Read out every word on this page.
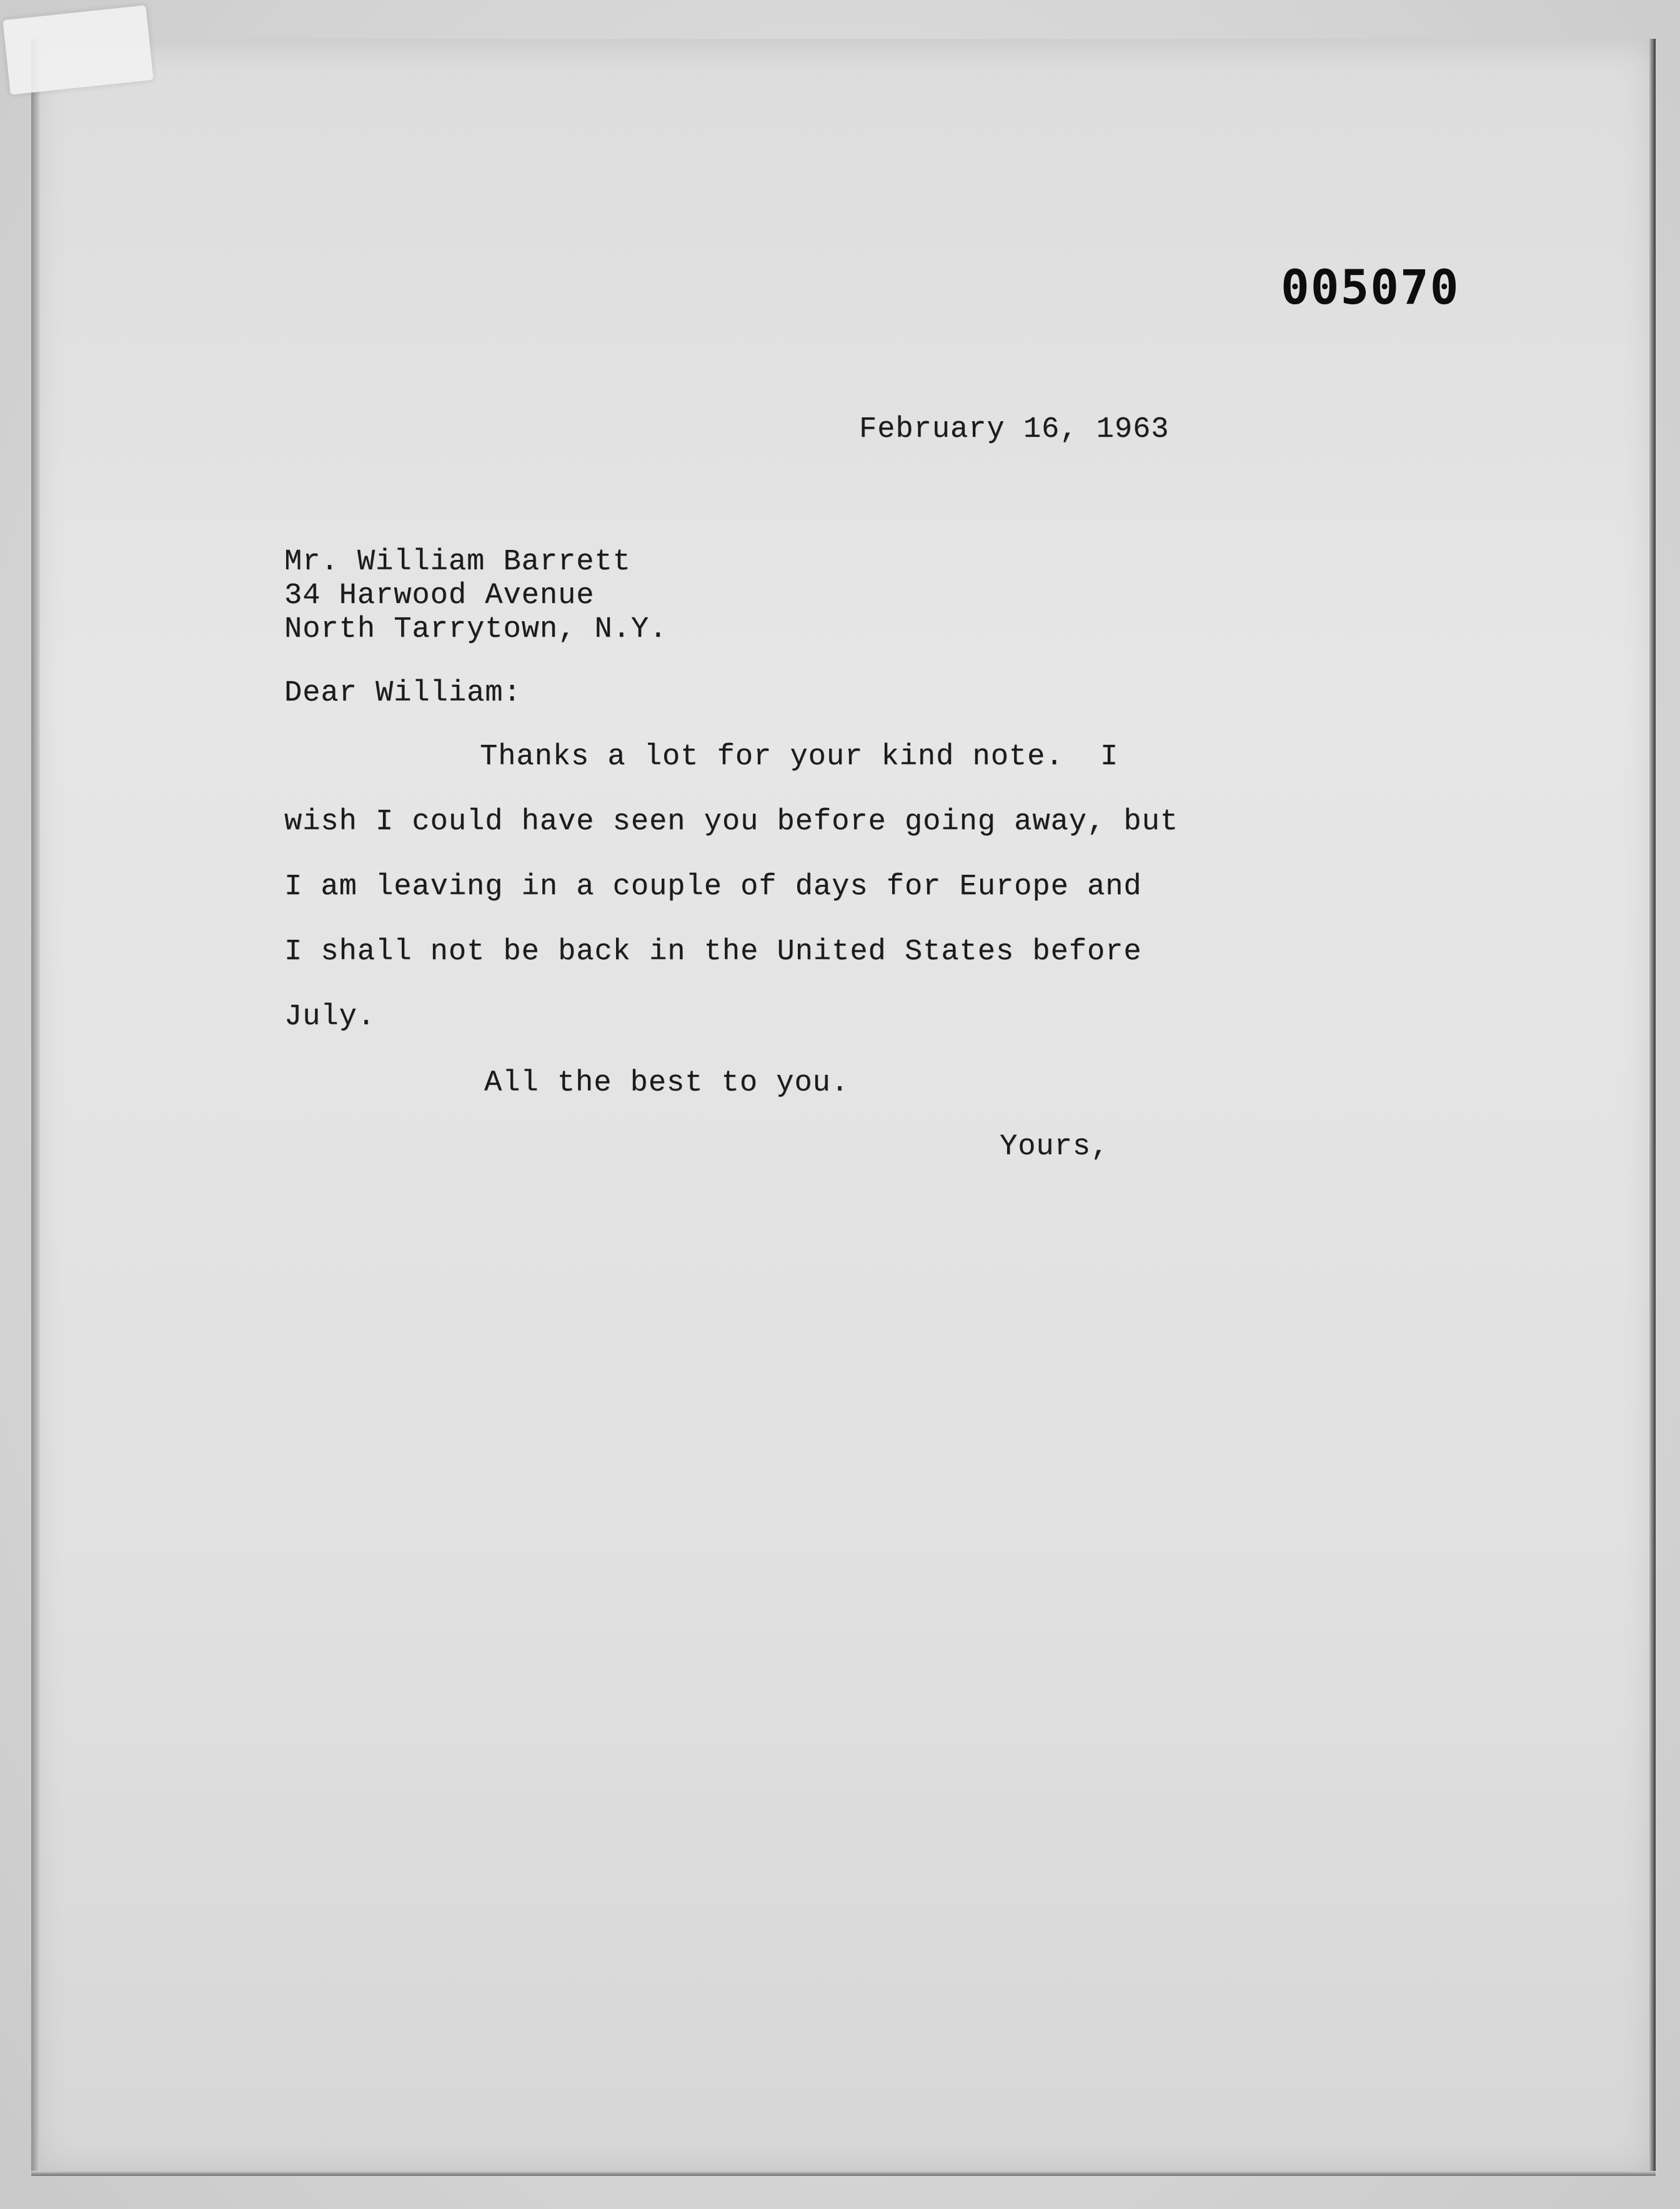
005070
February 16, 1963
Mr. William Barrett
34 Harwood Avenue
North Tarrytown, N.Y.
Dear William:
Thanks a lot for your kind note.  I
wish I could have seen you before going away, but
I am leaving in a couple of days for Europe and
I shall not be back in the United States before
July.
All the best to you.
Yours,
